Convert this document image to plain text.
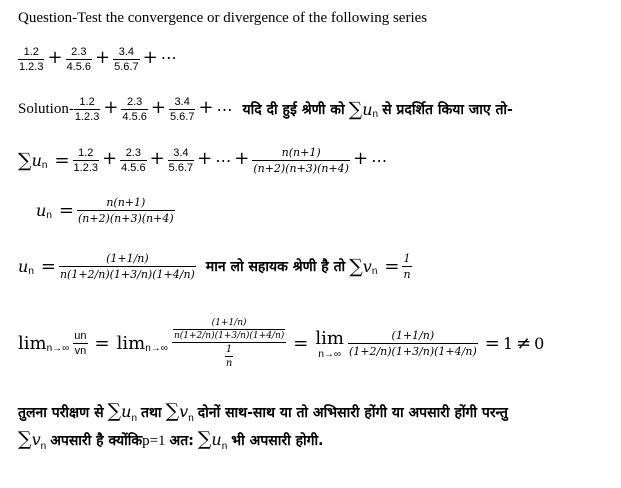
Question-Test the convergence or divergence of the following series
$\frac{1.2}{1.2.3} + \frac{2.3}{4.5.6} + \frac{3.4}{5.6.7}$ + ⋯
Solution- $\frac{1.2}{1.2.3} + \frac{2.3}{4.5.6} + \frac{3.4}{5.6.7}$ + ⋯ यदि दी हुई श्रेणी को $\sum u_n$ से प्रदर्शित किया जाए तो-
$\sum u_n = \frac{1.2}{1.2.3} + \frac{2.3}{4.5.6} + \frac{3.4}{5.6.7}$ + ⋯ + $\frac{n(n+1)}{(n+2)(n+3)(n+4)}$ + ⋯
$u_n = \frac{n(n+1)}{(n+2)(n+3)(n+4)}$
$u_n = \frac{(1+1/n)}{n(1+2/n)(1+3/n)(1+4/n)}$ मान लो सहायक श्रेणी है तो $\sum v_n = \frac{1}{n}$
$\lim_{n\to\infty} \frac{un}{vn} = \lim_{n\to\infty} \frac{\frac{(1+1/n)}{n(1+2/n)(1+3/n)(1+4/n)}}{\frac{1}{n}} = \lim$
n→∞
$\frac{(1+1/n)}{(1+2/n)(1+3/n)(1+4/n)} = 1 \ne 0$
तुलना परीक्षण से $\sum u_n$ तथा $\sum v_n$ दोनों साथ-साथ या तो अभिसारी होंगी या अपसारी होंगी परन्तु
$\sum v_n$ अपसारी है क्योंकिp=1 अत: $\sum u_n$ भी अपसारी होगी.
